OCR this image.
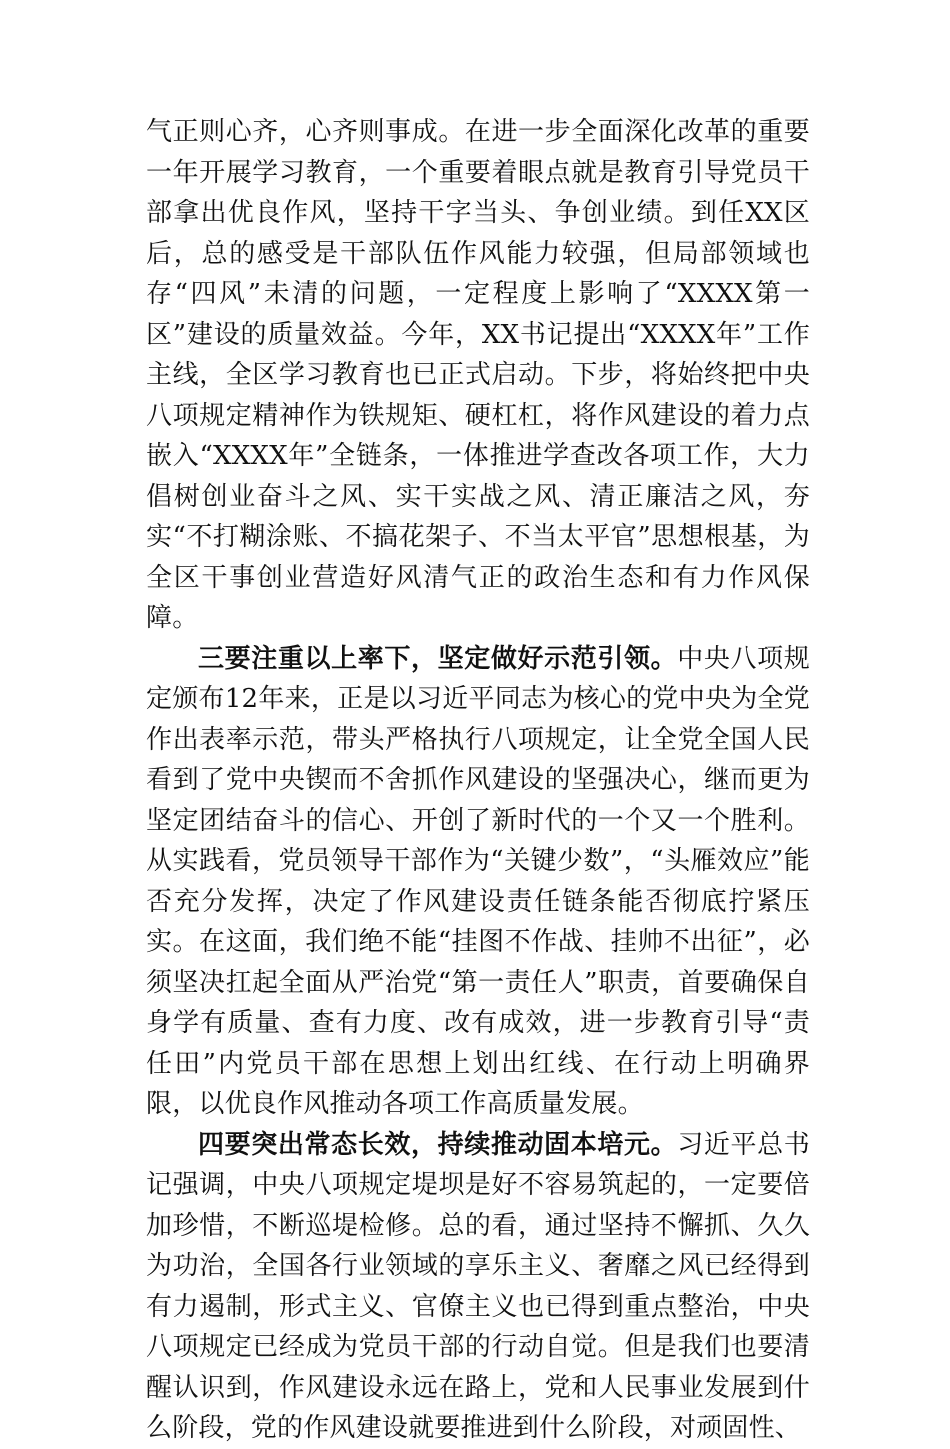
气正则心齐，心齐则事成。在进一步全面深化改革的重要一年开展学习教育，一个重要着眼点就是教育引导党员干部拿出优良作风，坚持干字当头、争创业绩。到任XX区后，总的感受是干部队伍作风能力较强，但局部领域也存“四风”未清的问题，一定程度上影响了“XXXX第一区”建设的质量效益。今年，XX书记提出“XXXX年”工作主线，全区学习教育也已正式启动。下步，将始终把中央八项规定精神作为铁规矩、硬杠杠，将作风建设的着力点嵌入“XXXX年”全链条，一体推进学查改各项工作，大力倡树创业奋斗之风、实干实战之风、清正廉洁之风，夯实“不打糊涂账、不搞花架子、不当太平官”思想根基，为全区干事创业营造好风清气正的政治生态和有力作风保障。

三要注重以上率下，坚定做好示范引领。中央八项规定颁布12年来，正是以习近平同志为核心的党中央为全党作出表率示范，带头严格执行八项规定，让全党全国人民看到了党中央锲而不舍抓作风建设的坚强决心，继而更为坚定团结奋斗的信心、开创了新时代的一个又一个胜利。从实践看，党员领导干部作为“关键少数”，“头雁效应”能否充分发挥，决定了作风建设责任链条能否彻底拧紧压实。在这面，我们绝不能“挂图不作战、挂帅不出征”，必须坚决扛起全面从严治党“第一责任人”职责，首要确保自身学有质量、查有力度、改有成效，进一步教育引导“责任田”内党员干部在思想上划出红线、在行动上明确界限，以优良作风推动各项工作高质量发展。

四要突出常态长效，持续推动固本培元。习近平总书记强调，中央八项规定堤坝是好不容易筑起的，一定要倍加珍惜，不断巡堤检修。总的看，通过坚持不懈抓、久久为功治，全国各行业领域的享乐主义、奢靡之风已经得到有力遏制，形式主义、官僚主义也已得到重点整治，中央八项规定已经成为党员干部的行动自觉。但是我们也要清醒认识到，作风建设永远在路上，党和人民事业发展到什么阶段，党的作风建设就要推进到什么阶段，对顽固性、
